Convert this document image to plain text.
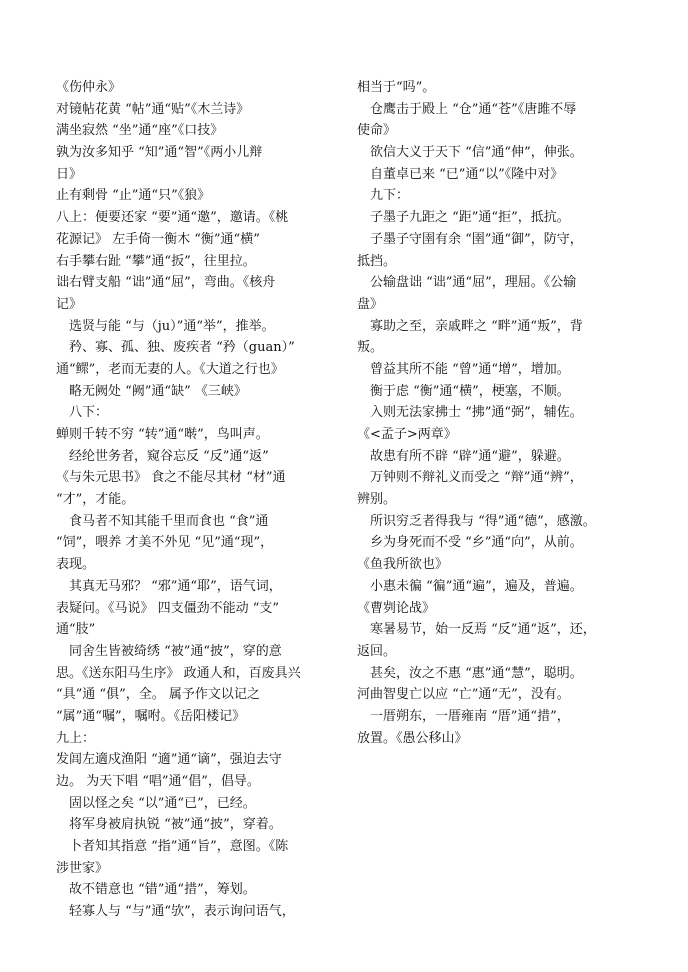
《伤仲永》
对镜帖花黄 “帖”通“贴”《木兰诗》
满坐寂然 “坐”通“座”《口技》
孰为汝多知乎 “知”通“智”《两小儿辩
日》
止有剩骨 “止”通“只”《狼》
八上：便要还家 “要”通“邀”，邀请。《桃
花源记》 左手倚一衡木 “衡”通“横”
右手攀右趾 “攀”通“扳”，往里拉。
诎右臂支船 “诎”通“屈”，弯曲。《核舟
记》
　选贤与能 “与（ju）”通“举”，推举。
　矜、寡、孤、独、废疾者 “矜（guan）”
通“鳏”，老而无妻的人。《大道之行也》
　略无阙处 “阙”通“缺” 《三峡》
　八下：
蝉则千转不穷 “转”通“啭”，鸟叫声。
　经纶世务者，窥谷忘反 “反”通“返”
《与朱元思书》 食之不能尽其材 “材”通
“才”，才能。
　食马者不知其能千里而食也 “食”通
“饲”，喂养 才美不外见 “见”通“现”，
表现。
　其真无马邪？ “邪”通“耶”，语气词，
表疑问。《马说》 四支僵劲不能动 “支”
通“肢”
　同舍生皆被绮绣 “被”通“披”，穿的意
思。《送东阳马生序》 政通人和，百废具兴
“具”通 “俱”，全。 属予作文以记之
“属”通“嘱”，嘱咐。《岳阳楼记》
九上：
发闾左適戍渔阳 “適”通“谪”，强迫去守
边。 为天下唱 “唱”通“倡”，倡导。
　固以怪之矣 “以”通“已”，已经。
　将军身被肩执锐 “被”通“披”，穿着。
　卜者知其指意 “指”通“旨”，意图。《陈
涉世家》
　故不错意也 “错”通“措”，筹划。
　轻寡人与 “与”通“欤”，表示询问语气，
相当于“吗”。
　仓鹰击于殿上 “仓”通“苍”《唐雎不辱
使命》
　欲信大义于天下 “信”通“伸”，伸张。
　自董卓已来 “已”通“以”《隆中对》
　九下：
　子墨子九距之 “距”通“拒”，抵抗。
　子墨子守圉有余 “圉”通“御”，防守，
抵挡。
　公输盘诎 “诎”通“屈”，理屈。《公输
盘》
　寡助之至，亲戚畔之 “畔”通“叛”，背
叛。
　曾益其所不能 “曾”通“增”，增加。
　衡于虑 “衡”通“横”，梗塞，不顺。
　入则无法家拂士 “拂”通“弼”，辅佐。
《<孟子>两章》
　故患有所不辟 “辟”通“避”，躲避。
　万钟则不辩礼义而受之 “辩”通“辨”，
辨别。
　所识穷乏者得我与 “得”通“德”，感激。
　乡为身死而不受 “乡”通“向”，从前。
《鱼我所欲也》
　小惠未徧 “徧”通“遍”，遍及，普遍。
《曹刿论战》
　寒暑易节，始一反焉 “反”通“返”，还，
返回。
　甚矣，汝之不惠 “惠”通“慧”，聪明。
河曲智叟亡以应 “亡”通“无”，没有。
　一厝朔东，一厝雍南 “厝”通“措”，
放置。《愚公移山》
